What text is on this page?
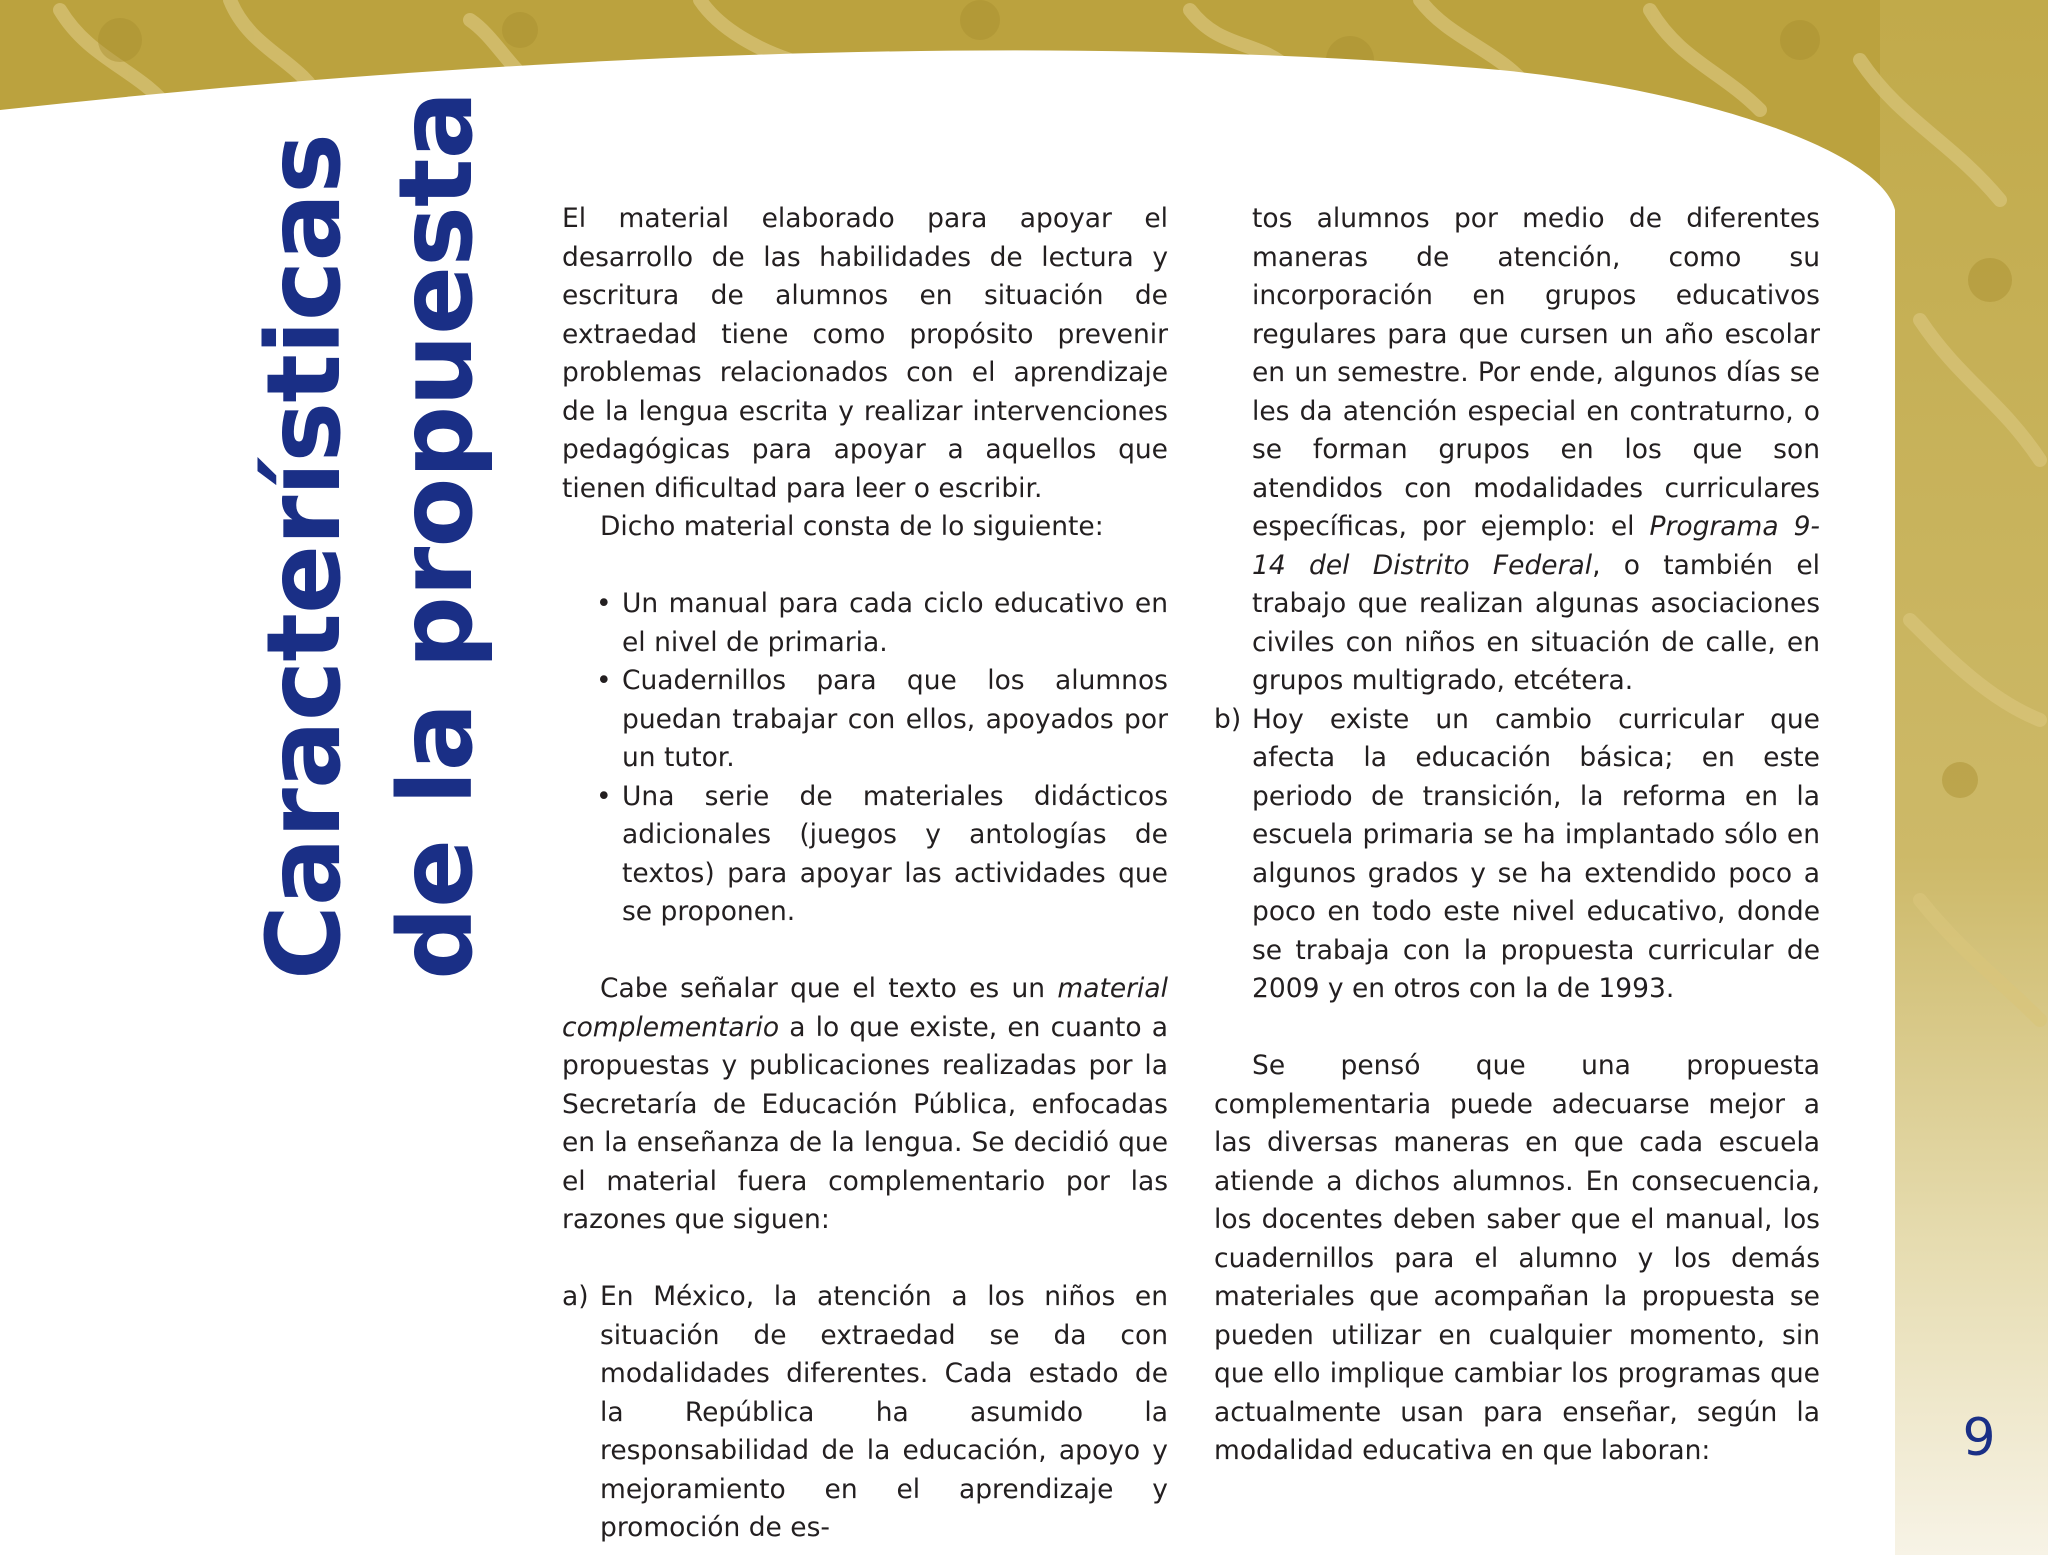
Características de la propuesta El material elaborado para apoyar el desarrollo de las habilidades de lectura y escritura de alumnos en situación de extraedad tiene como propósito prevenir problemas relacionados con el aprendizaje de la lengua escrita y realizar intervenciones pedagógicas para apoyar a aquellos que tienen dificultad para leer o escribir.

Dicho material consta de lo siguiente:

• Un manual para cada ciclo educativo en el nivel de primaria.
• Cuadernillos para que los alumnos puedan trabajar con ellos, apoyados por un tutor.
• Una serie de materiales didácticos adicionales (juegos y antologías de textos) para apoyar las actividades que se proponen.

Cabe señalar que el texto es un material complementario a lo que existe, en cuanto a propuestas y publicaciones realizadas por la Secretaría de Educación Pública, enfocadas en la enseñanza de la lengua. Se decidió que el material fuera complementario por las razones que siguen:

a) En México, la atención a los niños en situación de extraedad se da con modalidades diferentes. Cada estado de la República ha asumido la responsabilidad de la educación, apoyo y mejoramiento en el aprendizaje y promoción de es-
tos alumnos por medio de diferentes maneras de atención, como su incorporación en grupos educativos regulares para que cursen un año escolar en un semestre. Por ende, algunos días se les da atención especial en contraturno, o se forman grupos en los que son atendidos con modalidades curriculares específicas, por ejemplo: el Programa 9-14 del Distrito Federal, o también el trabajo que realizan algunas asociaciones civiles con niños en situación de calle, en grupos multigrado, etcétera.
b) Hoy existe un cambio curricular que afecta la educación básica; en este periodo de transición, la reforma en la escuela primaria se ha implantado sólo en algunos grados y se ha extendido poco a poco en todo este nivel educativo, donde se trabaja con la propuesta curricular de 2009 y en otros con la de 1993.

Se pensó que una propuesta complementaria puede adecuarse mejor a las diversas maneras en que cada escuela atiende a dichos alumnos. En consecuencia, los docentes deben saber que el manual, los cuadernillos para el alumno y los demás materiales que acompañan la propuesta se pueden utilizar en cualquier momento, sin que ello implique cambiar los programas que actualmente usan para enseñar, según la modalidad educativa en que laboran:	9
